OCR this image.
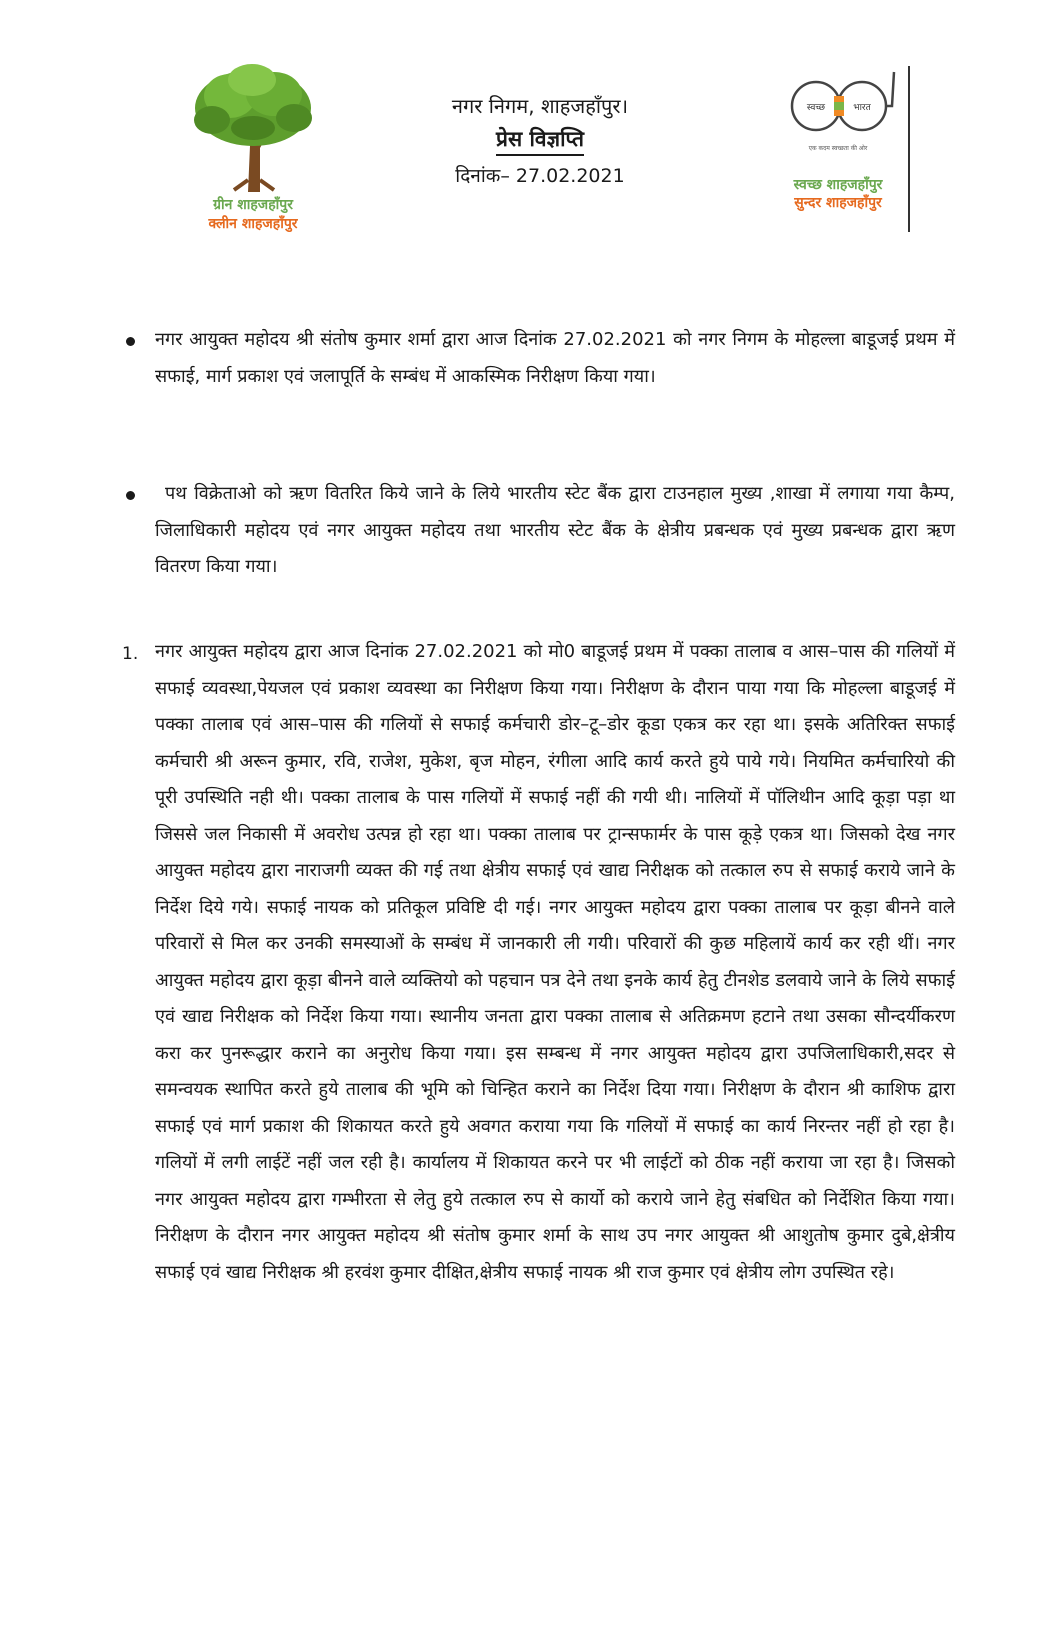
ग्रीन शाहजहाँपुर
क्लीन शाहजहाँपुर
नगर निगम, शाहजहाँपुर।
प्रेस विज्ञप्ति
दिनांक– 27.02.2021
स्वच्छ	भारत
एक कदम स्वच्छता की ओर
स्वच्छ शाहजहाँपुर
सुन्दर शाहजहाँपुर
नगर आयुक्त महोदय श्री संतोष कुमार शर्मा द्वारा आज दिनांक 27.02.2021 को नगर निगम के मोहल्ला बाडूजई प्रथम में सफाई, मार्ग प्रकाश एवं जलापूर्ति के सम्बंध में आकस्मिक निरीक्षण किया गया।
पथ विक्रेताओ को ऋण वितरित किये जाने के लिये भारतीय स्टेट बैंक द्वारा टाउनहाल मुख्य ,शाखा में लगाया गया कैम्प, जिलाधिकारी महोदय एवं नगर आयुक्त महोदय तथा भारतीय स्टेट बैंक के क्षेत्रीय प्रबन्धक एवं मुख्य प्रबन्धक द्वारा ऋण वितरण किया गया।
1. नगर आयुक्त महोदय द्वारा आज दिनांक 27.02.2021 को मो0 बाडूजई प्रथम में पक्का तालाब व आस–पास की गलियों में सफाई व्यवस्था,पेयजल एवं प्रकाश व्यवस्था का निरीक्षण किया गया। निरीक्षण के दौरान पाया गया कि मोहल्ला बाडूजई में पक्का तालाब एवं आस–पास की गलियों से सफाई कर्मचारी डोर–टू–डोर कूडा एकत्र कर रहा था। इसके अतिरिक्त सफाई कर्मचारी श्री अरून कुमार, रवि, राजेश, मुकेश, बृज मोहन, रंगीला आदि कार्य करते हुये पाये गये। नियमित कर्मचारियो की पूरी उपस्थिति नही थी। पक्का तालाब के पास गलियों में सफाई नहीं की गयी थी। नालियों में पॉलिथीन आदि कूड़ा पड़ा था जिससे जल निकासी में अवरोध उत्पन्न हो रहा था। पक्का तालाब पर ट्रान्सफार्मर के पास कूड़े एकत्र था। जिसको देख नगर आयुक्त महोदय द्वारा नाराजगी व्यक्त की गई तथा क्षेत्रीय सफाई एवं खाद्य निरीक्षक को तत्काल रुप से सफाई कराये जाने के निर्देश दिये गये। सफाई नायक को प्रतिकूल प्रविष्टि दी गई। नगर आयुक्त महोदय द्वारा पक्का तालाब पर कूड़ा बीनने वाले परिवारों से मिल कर उनकी समस्याओं के सम्बंध में जानकारी ली गयी। परिवारों की कुछ महिलायें कार्य कर रही थीं। नगर आयुक्त महोदय द्वारा कूड़ा बीनने वाले व्यक्तियो को पहचान पत्र देने तथा इनके कार्य हेतु टीनशेड डलवाये जाने के लिये सफाई एवं खाद्य निरीक्षक को निर्देश किया गया। स्थानीय जनता द्वारा पक्का तालाब से अतिक्रमण हटाने तथा उसका सौन्दर्यीकरण करा कर पुनरूद्धार कराने का अनुरोध किया गया। इस सम्बन्ध में नगर आयुक्त महोदय द्वारा उपजिलाधिकारी,सदर से समन्वयक स्थापित करते हुये तालाब की भूमि को चिन्हित कराने का निर्देश दिया गया। निरीक्षण के दौरान श्री काशिफ द्वारा सफाई एवं मार्ग प्रकाश की शिकायत करते हुये अवगत कराया गया कि गलियों में सफाई का कार्य निरन्तर नहीं हो रहा है। गलियों में लगी लाईटें नहीं जल रही है। कार्यालय में शिकायत करने पर भी लाईटों को ठीक नहीं कराया जा रहा है। जिसको नगर आयुक्त महोदय द्वारा गम्भीरता से लेतु हुये तत्काल रुप से कार्यो को कराये जाने हेतु संबधित को निर्देशित किया गया। निरीक्षण के दौरान नगर आयुक्त महोदय श्री संतोष कुमार शर्मा के साथ उप नगर आयुक्त श्री आशुतोष कुमार दुबे,क्षेत्रीय सफाई एवं खाद्य निरीक्षक श्री हरवंश कुमार दीक्षित,क्षेत्रीय सफाई नायक श्री राज कुमार एवं क्षेत्रीय लोग उपस्थित रहे।
